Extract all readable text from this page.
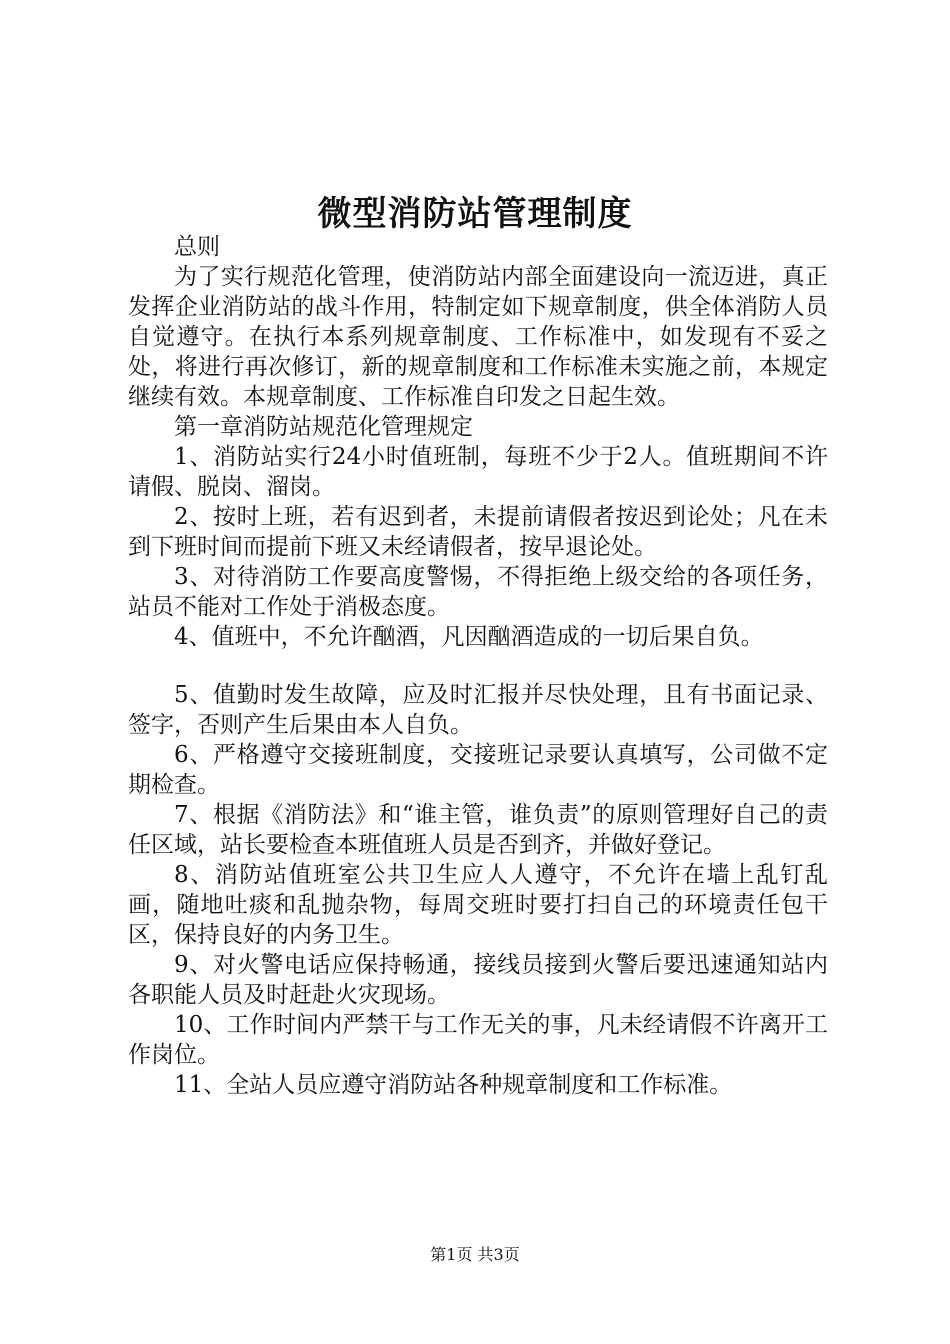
微型消防站管理制度

总则

为了实行规范化管理，使消防站内部全面建设向一流迈进，真正发挥企业消防站的战斗作用，特制定如下规章制度，供全体消防人员自觉遵守。在执行本系列规章制度、工作标准中，如发现有不妥之处，将进行再次修订，新的规章制度和工作标准未实施之前，本规定继续有效。本规章制度、工作标准自印发之日起生效。

第一章消防站规范化管理规定

1、消防站实行24小时值班制，每班不少于2人。值班期间不许请假、脱岗、溜岗。

2、按时上班，若有迟到者，未提前请假者按迟到论处；凡在未到下班时间而提前下班又未经请假者，按早退论处。

3、对待消防工作要高度警惕，不得拒绝上级交给的各项任务，站员不能对工作处于消极态度。

4、值班中，不允许酗酒，凡因酗酒造成的一切后果自负。

5、值勤时发生故障，应及时汇报并尽快处理，且有书面记录、签字，否则产生后果由本人自负。

6、严格遵守交接班制度，交接班记录要认真填写，公司做不定期检查。

7、根据《消防法》和“谁主管，谁负责”的原则管理好自己的责任区域，站长要检查本班值班人员是否到齐，并做好登记。

8、消防站值班室公共卫生应人人遵守，不允许在墙上乱钉乱画，随地吐痰和乱抛杂物，每周交班时要打扫自己的环境责任包干区，保持良好的内务卫生。

9、对火警电话应保持畅通，接线员接到火警后要迅速通知站内各职能人员及时赶赴火灾现场。

10、工作时间内严禁干与工作无关的事，凡未经请假不许离开工作岗位。

11、全站人员应遵守消防站各种规章制度和工作标准。

第1页 共3页
